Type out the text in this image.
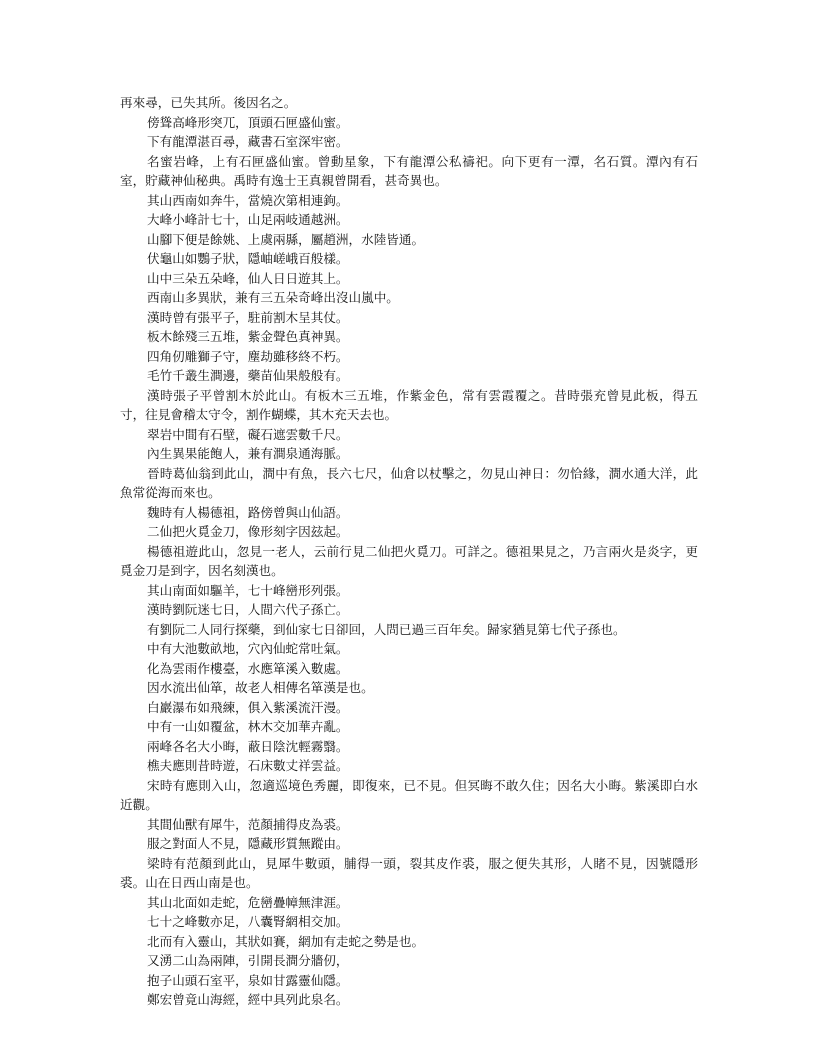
再來尋，已失其所。後因名之。

傍聳高峰形突兀，頂頭石匣盛仙蜜。

下有龍潭湛百尋，藏書石室深牢密。

名蜜岩峰，上有石匣盛仙蜜。曾動星象，下有龍潭公私禱祀。向下更有一潭，名石質。潭內有石室，貯藏神仙秘典。禹時有逸士王真親曾開看，甚奇異也。

其山西南如奔牛，當燒次第相連鉤。

大峰小峰計七十，山足兩岐通越洲。

山腳下便是餘姚、上虞兩縣，屬趙洲，水陸皆通。

伏龜山如鸚子狀，隱岫嵯峨百般樣。

山中三朵五朵峰，仙人日日遊其上。

西南山多異狀，兼有三五朵奇峰出沒山嵐中。

漢時曾有張平子，駐前割木呈其仗。

板木餘殘三五堆，紫金聲色真神異。

四角仞雕獅子守，塵劫雖移終不朽。

毛竹千叢生澗邊，藥苗仙果般般有。

漢時張子平曾割木於此山。有板木三五堆，作紫金色，常有雲霞覆之。昔時張充曾見此板，得五寸，往見會稽太守令，割作蝴蝶，其木充天去也。

翠岩中間有石壁，礙石遮雲數千尺。

內生異果能飽人，兼有澗泉通海脈。

晉時葛仙翁到此山，澗中有魚，長六七尺，仙倉以杖擊之，勿見山神日：勿恰緣，澗水通大洋，此魚常從海而來也。

魏時有人楊德祖，路傍曾與山仙語。

二仙把火覓金刀，像形刻字因玆起。

楊德祖遊此山，忽見一老人，云前行見二仙把火覓刀。可詳之。德祖果見之，乃言兩火是炎字，更覓金刀是到字，因名刻漢也。

其山南面如驅羊，七十峰巒形列張。

漢時劉阮迷七日，人間六代子孫亡。

有劉阮二人同行探藥，到仙家七日卻回，人問已過三百年矣。歸家猶見第七代子孫也。

中有大池數畝地，穴內仙蛇常吐氣。

化為雲雨作樓臺，水應箪溪入數處。

因水流出仙箪，故老人相傳名箪漢是也。

白巖瀑布如飛練，俱入紫溪流汗漫。

中有一山如覆盆，林木交加華卉亂。

兩峰各名大小晦，蔽日陰沈輕霧翳。

樵夫應則昔時遊，石床數丈祥雲益。

宋時有應則入山，忽適巡境色秀麗，即復來，已不見。但冥晦不敢久住；因名大小晦。紫溪即白水近觀。

其間仙獸有犀牛，范顏捕得皮為裘。

服之對面人不見，隱藏形質無蹤由。

梁時有范顏到此山，見犀牛數頭，脯得一頭，裂其皮作裘，服之便失其形，人睹不見，因號隱形裘。山在日西山南是也。

其山北面如走蛇，危巒疊幛無津涯。

七十之峰數亦足，八囊腎網相交加。

北而有入靈山，其狀如賽，網加有走蛇之勢是也。

又湧二山為兩陣，引開長澗分牆仞，

抱子山頭石室平，泉如甘露靈仙隱。

鄭宏曾竟山海經，經中具列此泉名。
